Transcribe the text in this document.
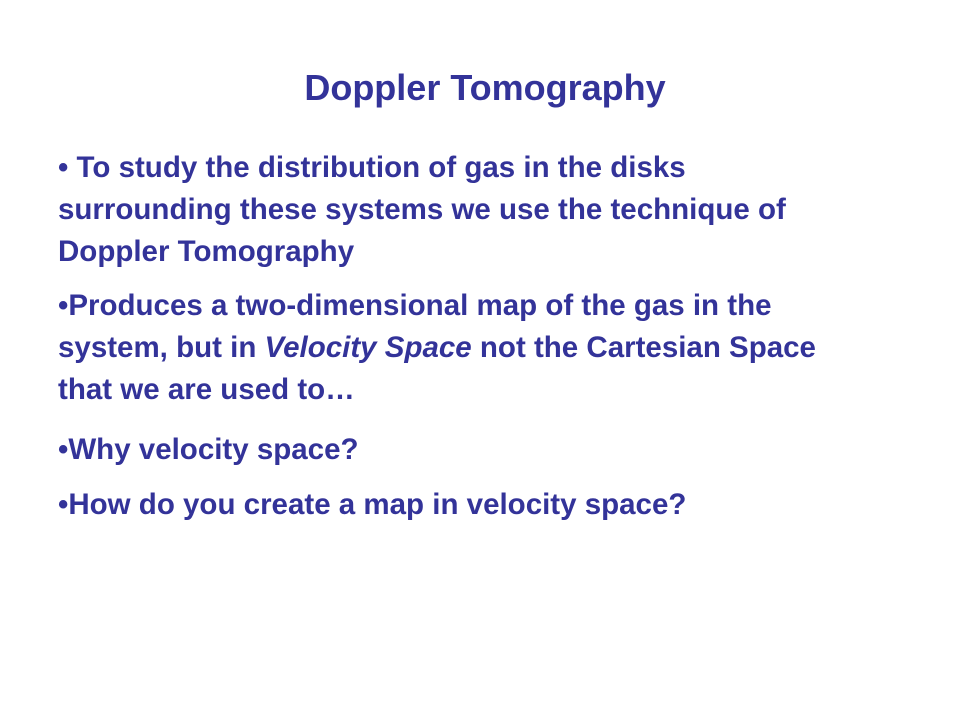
Doppler Tomography
• To study the distribution of gas in the disks surrounding these systems we use the technique of Doppler Tomography
•Produces a two-dimensional map of the gas in the system, but in Velocity Space not the Cartesian Space that we are used to…
•Why velocity space?
•How do you create a map in velocity space?
